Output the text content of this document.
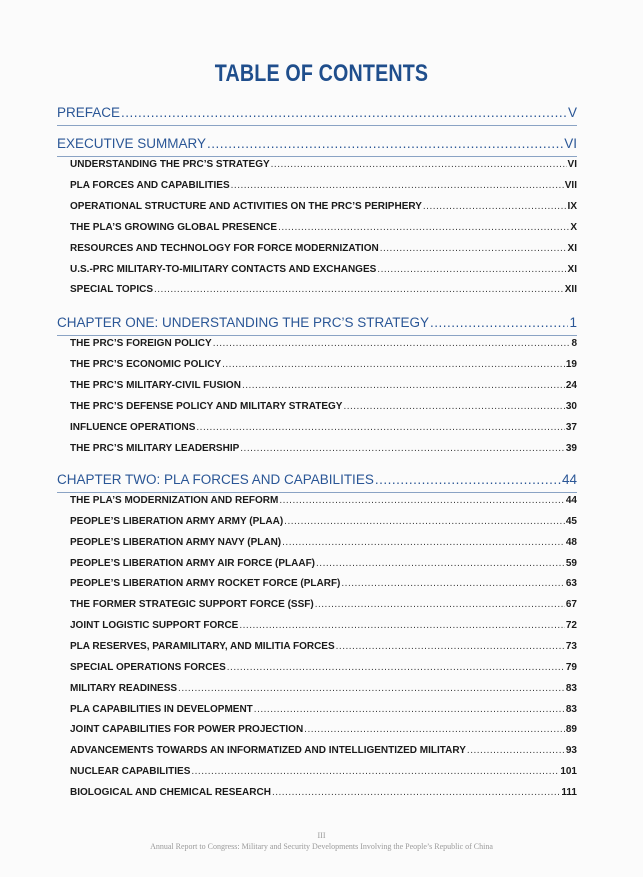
TABLE OF CONTENTS
PREFACE .....	V
EXECUTIVE SUMMARY .....	VI
UNDERSTANDING THE PRC’S STRATEGY .....	VI
PLA FORCES AND CAPABILITIES .....	VII
OPERATIONAL STRUCTURE AND ACTIVITIES ON THE PRC’S PERIPHERY .....	IX
THE PLA’S GROWING GLOBAL PRESENCE .....	X
RESOURCES AND TECHNOLOGY FOR FORCE MODERNIZATION .....	XI
U.S.-PRC MILITARY-TO-MILITARY CONTACTS AND EXCHANGES .....	XI
SPECIAL TOPICS .....	XII
CHAPTER ONE: UNDERSTANDING THE PRC’S STRATEGY .....	1
THE PRC’S FOREIGN POLICY .....	8
THE PRC’S ECONOMIC POLICY .....	19
THE PRC’S MILITARY-CIVIL FUSION .....	24
THE PRC’S DEFENSE POLICY AND MILITARY STRATEGY .....	30
INFLUENCE OPERATIONS .....	37
THE PRC’S MILITARY LEADERSHIP .....	39
CHAPTER TWO: PLA FORCES AND CAPABILITIES .....	44
THE PLA’S MODERNIZATION AND REFORM .....	44
PEOPLE’S LIBERATION ARMY ARMY (PLAA) .....	45
PEOPLE’S LIBERATION ARMY NAVY (PLAN) .....	48
PEOPLE’S LIBERATION ARMY AIR FORCE (PLAAF) .....	59
PEOPLE’S LIBERATION ARMY ROCKET FORCE (PLARF) .....	63
THE FORMER STRATEGIC SUPPORT FORCE (SSF) .....	67
JOINT LOGISTIC SUPPORT FORCE .....	72
PLA RESERVES, PARAMILITARY, AND MILITIA FORCES .....	73
SPECIAL OPERATIONS FORCES .....	79
MILITARY READINESS .....	83
PLA CAPABILITIES IN DEVELOPMENT .....	83
JOINT CAPABILITIES FOR POWER PROJECTION .....	89
ADVANCEMENTS TOWARDS AN INFORMATIZED AND INTELLIGENTIZED MILITARY .....	93
NUCLEAR CAPABILITIES .....	101
BIOLOGICAL AND CHEMICAL RESEARCH .....	111
III
Annual Report to Congress: Military and Security Developments Involving the People’s Republic of China
